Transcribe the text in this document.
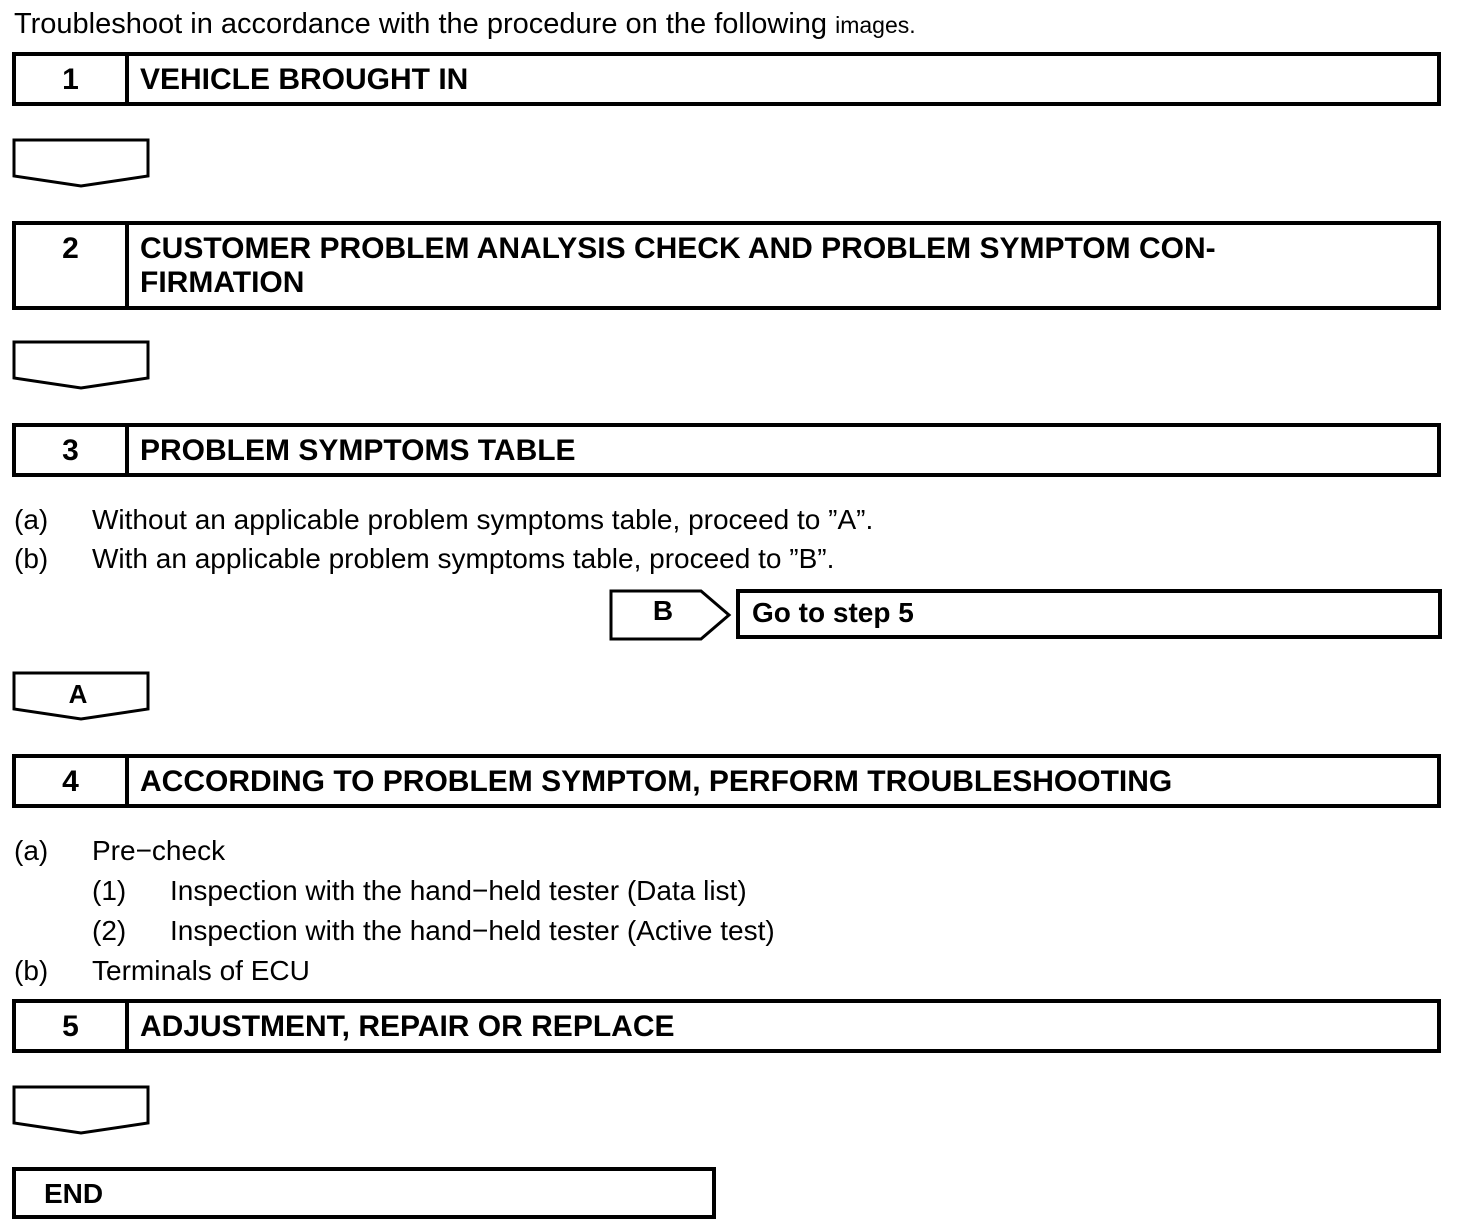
Troubleshoot in accordance with the procedure on the following images.
1	VEHICLE BROUGHT IN
2	CUSTOMER PROBLEM ANALYSIS CHECK AND PROBLEM SYMPTOM CON-
FIRMATION
3	PROBLEM SYMPTOMS TABLE
(a) Without an applicable problem symptoms table, proceed to ”A”.
(b) With an applicable problem symptoms table, proceed to ”B”.
B	Go to step 5
A
4	ACCORDING TO PROBLEM SYMPTOM, PERFORM TROUBLESHOOTING
(a) Pre−check
(1) Inspection with the hand−held tester (Data list)
(2) Inspection with the hand−held tester (Active test)
(b) Terminals of ECU
5	ADJUSTMENT, REPAIR OR REPLACE
END
